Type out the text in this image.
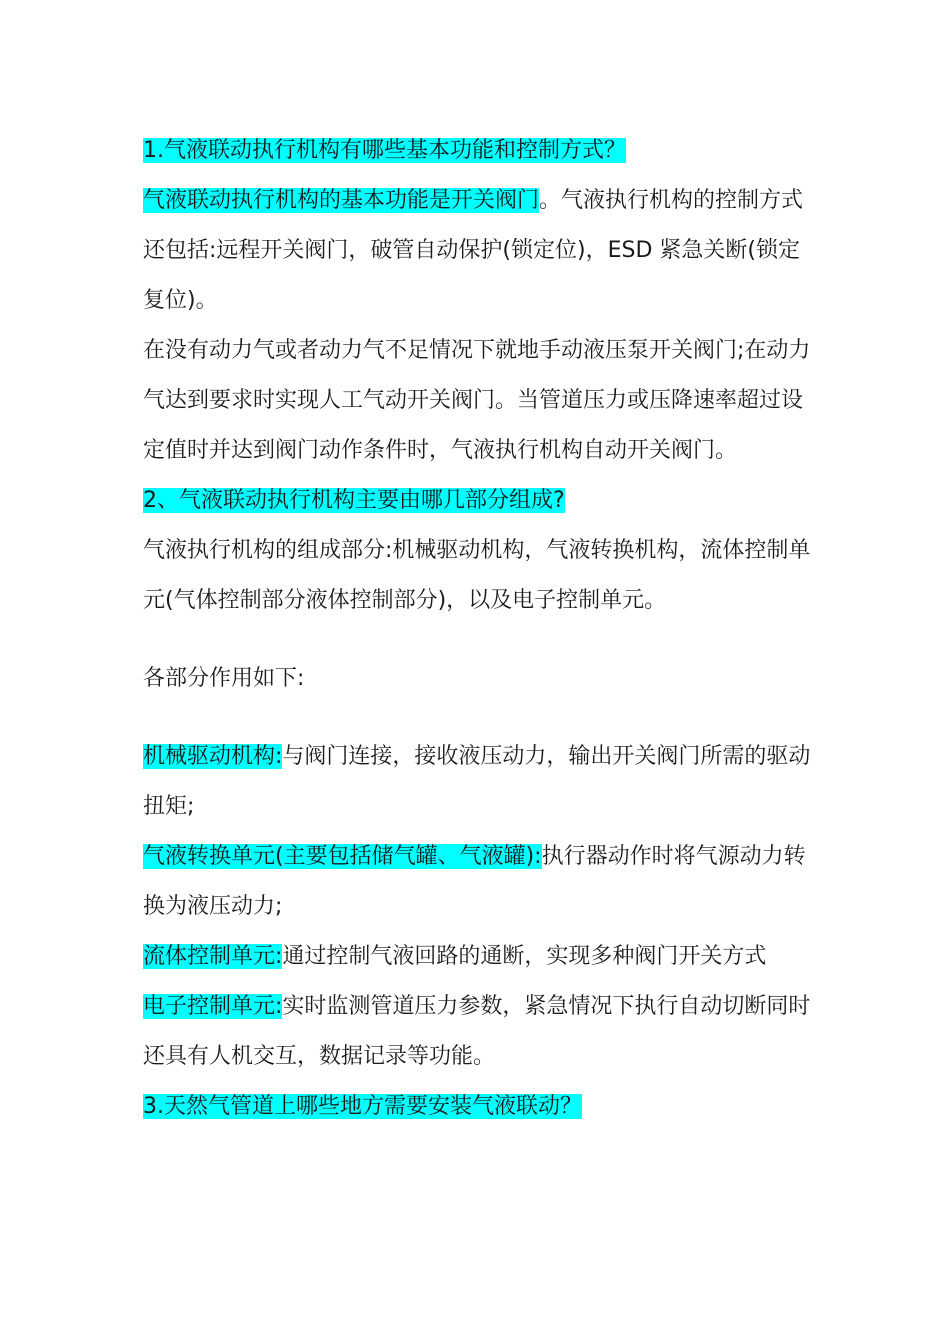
1.气液联动执行机构有哪些基本功能和控制方式？

气液联动执行机构的基本功能是开关阀门。气液执行机构的控制方式还包括:远程开关阀门，破管自动保护(锁定位)，ESD 紧急关断(锁定复位)。

在没有动力气或者动力气不足情况下就地手动液压泵开关阀门;在动力气达到要求时实现人工气动开关阀门。当管道压力或压降速率超过设定值时并达到阀门动作条件时，气液执行机构自动开关阀门。

2、气液联动执行机构主要由哪几部分组成?

气液执行机构的组成部分:机械驱动机构，气液转换机构，流体控制单元(气体控制部分液体控制部分)，以及电子控制单元。

各部分作用如下:

机械驱动机构:与阀门连接，接收液压动力，输出开关阀门所需的驱动扭矩;

气液转换单元(主要包括储气罐、气液罐):执行器动作时将气源动力转换为液压动力;

流体控制单元:通过控制气液回路的通断，实现多种阀门开关方式

电子控制单元:实时监测管道压力参数，紧急情况下执行自动切断同时还具有人机交互，数据记录等功能。

3.天然气管道上哪些地方需要安装气液联动？
